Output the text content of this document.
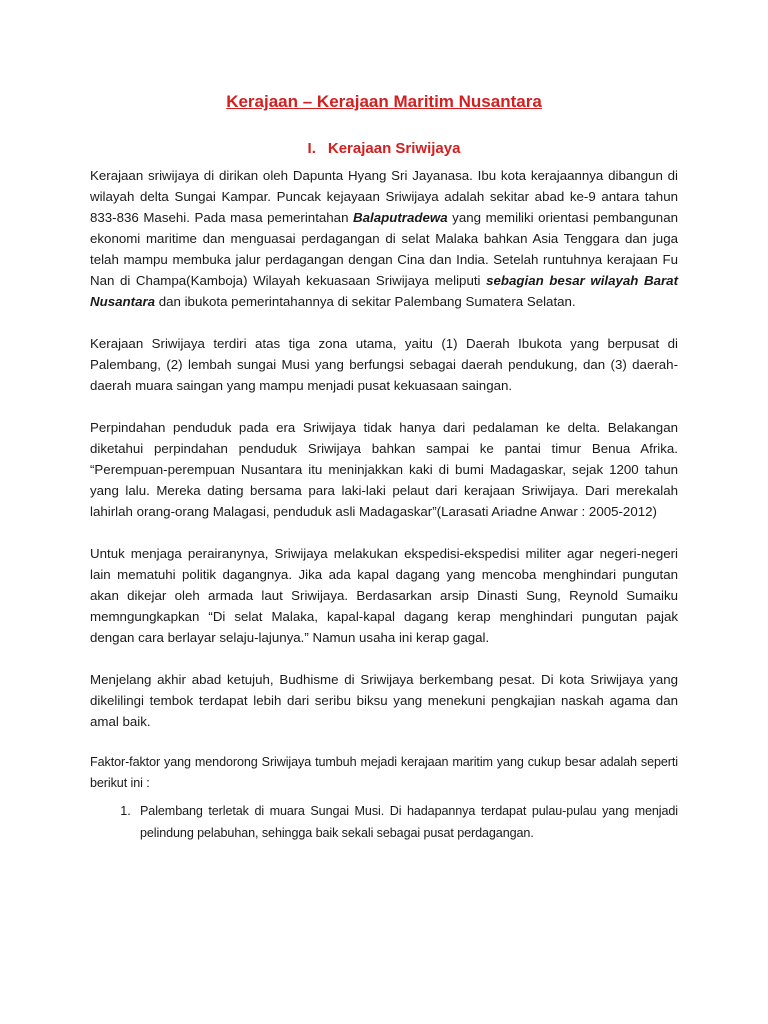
Kerajaan – Kerajaan Maritim Nusantara
I. Kerajaan Sriwijaya

Kerajaan sriwijaya di dirikan oleh Dapunta Hyang Sri Jayanasa. Ibu kota kerajaannya dibangun di wilayah delta Sungai Kampar. Puncak kejayaan Sriwijaya adalah sekitar abad ke-9 antara tahun 833-836 Masehi. Pada masa pemerintahan Balaputradewa yang memiliki orientasi pembangunan ekonomi maritime dan menguasai perdagangan di selat Malaka bahkan Asia Tenggara dan juga telah mampu membuka jalur perdagangan dengan Cina dan India. Setelah runtuhnya kerajaan Fu Nan di Champa(Kamboja) Wilayah kekuasaan Sriwijaya meliputi sebagian besar wilayah Barat Nusantara dan ibukota pemerintahannya di sekitar Palembang Sumatera Selatan.

Kerajaan Sriwijaya terdiri atas tiga zona utama, yaitu (1) Daerah Ibukota yang berpusat di Palembang, (2) lembah sungai Musi yang berfungsi sebagai daerah pendukung, dan (3) daerah-daerah muara saingan yang mampu menjadi pusat kekuasaan saingan.

Perpindahan penduduk pada era Sriwijaya tidak hanya dari pedalaman ke delta. Belakangan diketahui perpindahan penduduk Sriwijaya bahkan sampai ke pantai timur Benua Afrika. “Perempuan-perempuan Nusantara itu meninjakkan kaki di bumi Madagaskar, sejak 1200 tahun yang lalu. Mereka dating bersama para laki-laki pelaut dari kerajaan Sriwijaya. Dari merekalah lahirlah orang-orang Malagasi, penduduk asli Madagaskar”(Larasati Ariadne Anwar : 2005-2012)

Untuk menjaga perairanynya, Sriwijaya melakukan ekspedisi-ekspedisi militer agar negeri-negeri lain mematuhi politik dagangnya. Jika ada kapal dagang yang mencoba menghindari pungutan akan dikejar oleh armada laut Sriwijaya. Berdasarkan arsip Dinasti Sung, Reynold Sumaiku memngungkapkan “Di selat Malaka, kapal-kapal dagang kerap menghindari pungutan pajak dengan cara berlayar selaju-lajunya.” Namun usaha ini kerap gagal.

Menjelang akhir abad ketujuh, Budhisme di Sriwijaya berkembang pesat. Di kota Sriwijaya yang dikelilingi tembok terdapat lebih dari seribu biksu yang menekuni pengkajian naskah agama dan amal baik.

Faktor-faktor yang mendorong Sriwijaya tumbuh mejadi kerajaan maritim yang cukup besar adalah seperti berikut ini :

1. Palembang terletak di muara Sungai Musi. Di hadapannya terdapat pulau-pulau yang menjadi pelindung pelabuhan, sehingga baik sekali sebagai pusat perdagangan.
